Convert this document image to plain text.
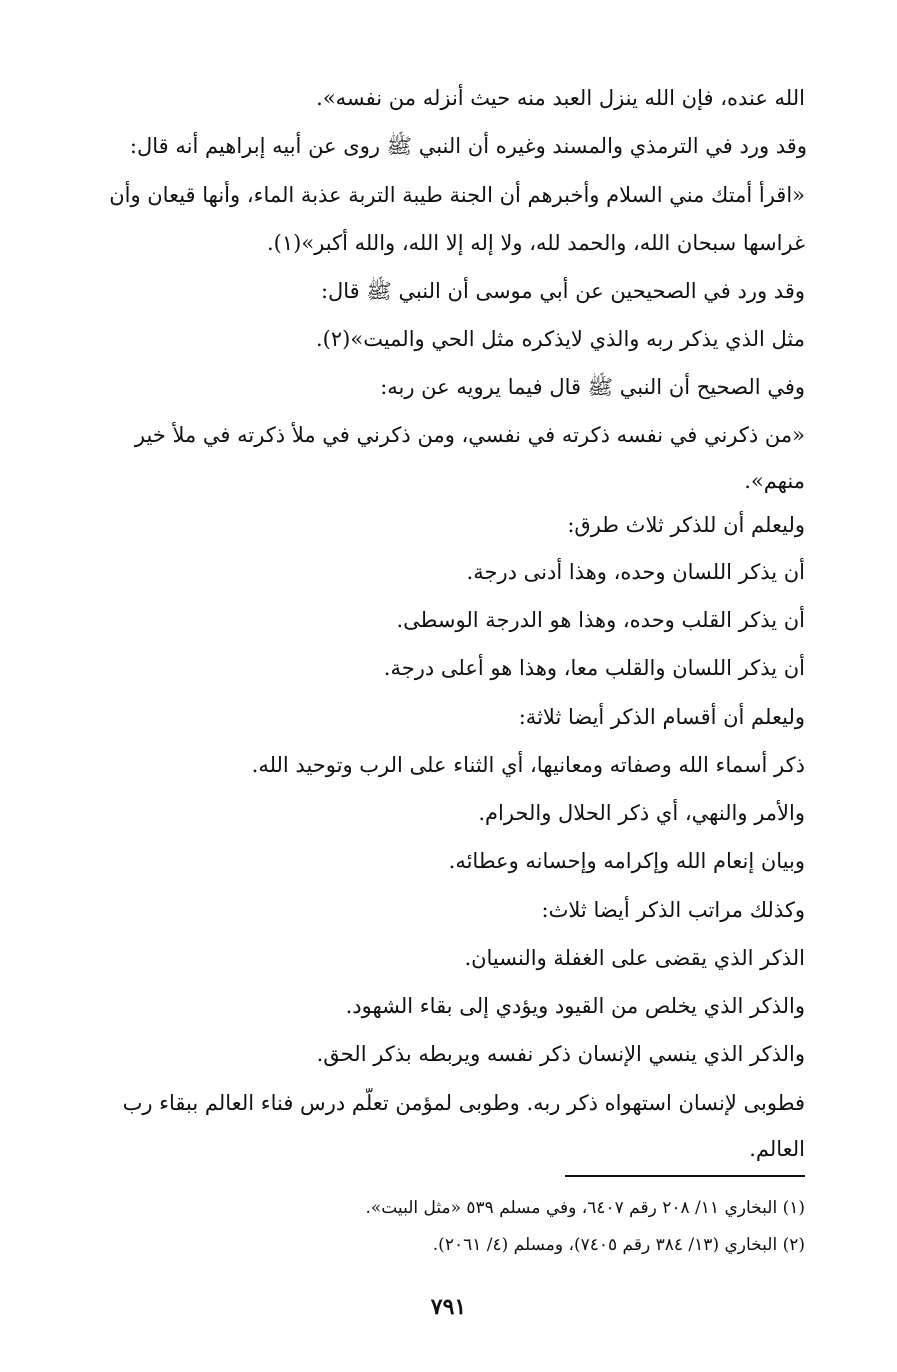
الله عنده، فإن الله ينزل العبد منه حيث أنزله من نفسه».
وقد ورد في الترمذي والمسند وغيره أن النبي ﷺ روى عن أبيه إبراهيم أنه قال:
«اقرأ أمتك مني السلام وأخبرهم أن الجنة طيبة التربة عذبة الماء، وأنها قيعان وأن
غراسها سبحان الله، والحمد لله، ولا إله إلا الله، والله أكبر»(١).
وقد ورد في الصحيحين عن أبي موسى أن النبي ﷺ قال:
مثل الذي يذكر ربه والذي لايذكره مثل الحي والميت»(٢).
وفي الصحيح أن النبي ﷺ قال فيما يرويه عن ربه:
«من ذكرني في نفسه ذكرته في نفسي، ومن ذكرني في ملأ ذكرته في ملأ خير
منهم».
وليعلم أن للذكر ثلاث طرق:
أن يذكر اللسان وحده، وهذا أدنى درجة.
أن يذكر القلب وحده، وهذا هو الدرجة الوسطى.
أن يذكر اللسان والقلب معا، وهذا هو أعلى درجة.
وليعلم أن أقسام الذكر أيضا ثلاثة:
ذكر أسماء الله وصفاته ومعانيها، أي الثناء على الرب وتوحيد الله.
والأمر والنهي، أي ذكر الحلال والحرام.
وبيان إنعام الله وإكرامه وإحسانه وعطائه.
وكذلك مراتب الذكر أيضا ثلاث:
الذكر الذي يقضى على الغفلة والنسيان.
والذكر الذي يخلص من القيود ويؤدي إلى بقاء الشهود.
والذكر الذي ينسي الإنسان ذكر نفسه ويربطه بذكر الحق.
فطوبى لإنسان استهواه ذكر ربه. وطوبى لمؤمن تعلّم درس فناء العالم ببقاء رب
العالم.
(١) البخاري ١١/ ٢٠٨ رقم ٦٤٠٧، وفي مسلم ٥٣٩ «مثل البيت».
(٢) البخاري (١٣/ ٣٨٤ رقم ٧٤٠٥)، ومسلم (٤/ ٢٠٦١).
٧٩١
